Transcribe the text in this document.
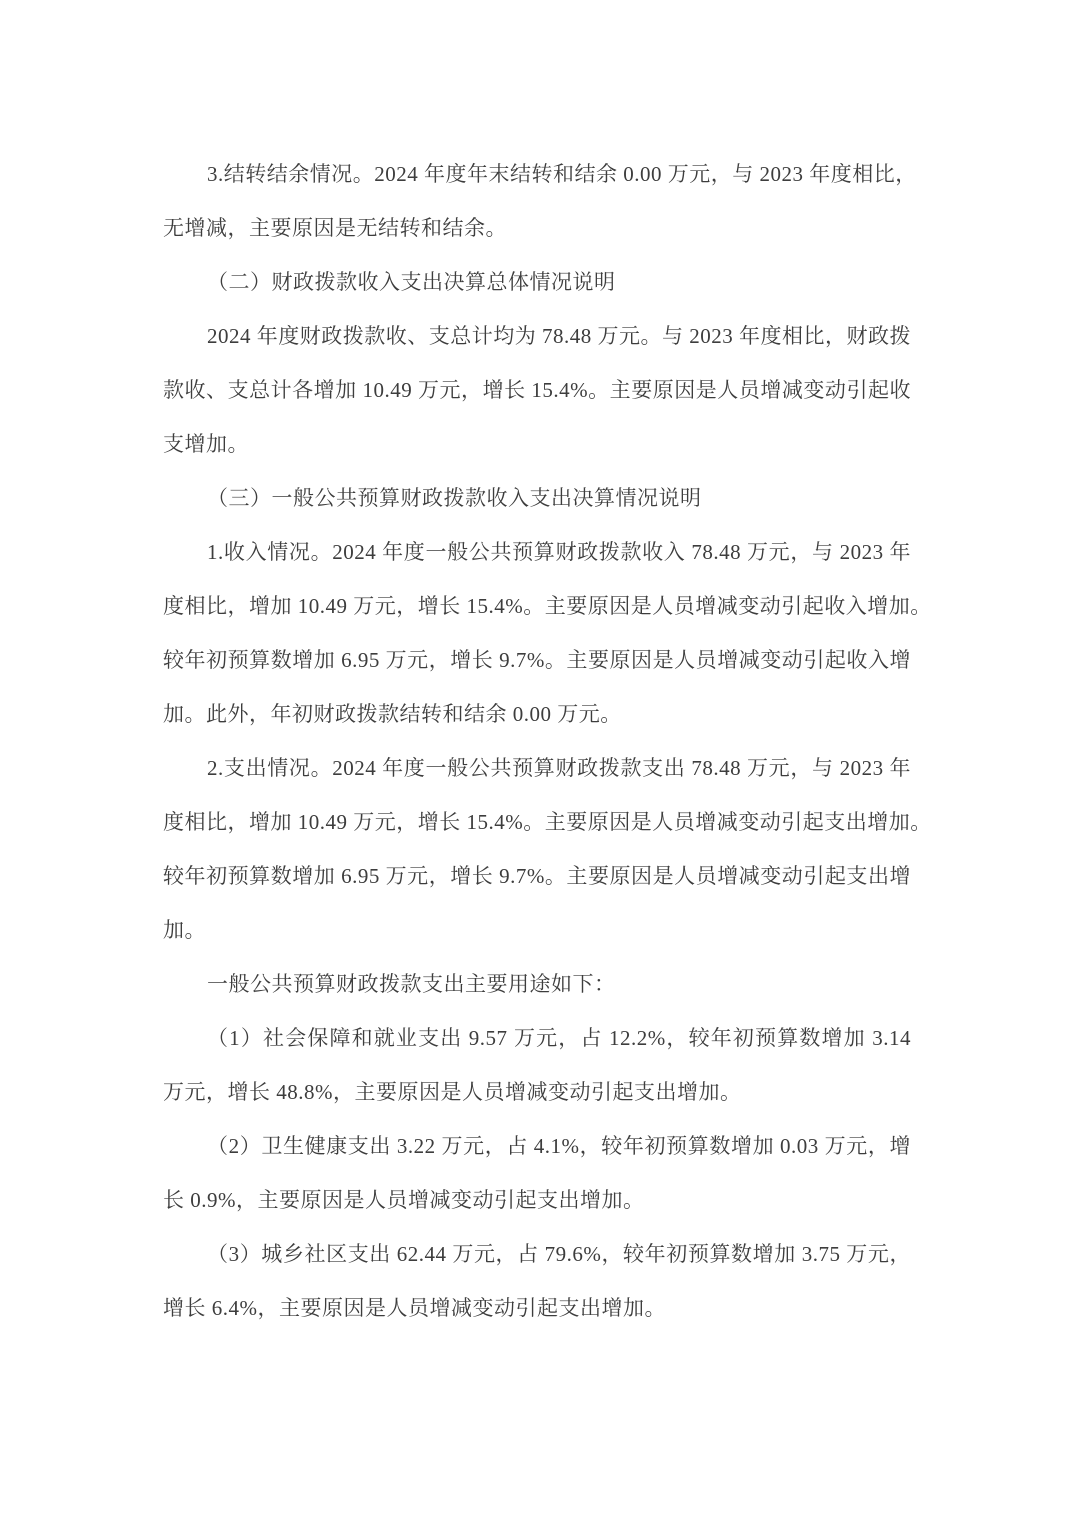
3.结转结余情况。2024 年度年末结转和结余 0.00 万元，与 2023 年度相比，
无增减，主要原因是无结转和结余。
（二）财政拨款收入支出决算总体情况说明
2024 年度财政拨款收、支总计均为 78.48 万元。与 2023 年度相比，财政拨
款收、支总计各增加 10.49 万元，增长 15.4%。主要原因是人员增减变动引起收
支增加。
（三）一般公共预算财政拨款收入支出决算情况说明
1.收入情况。2024 年度一般公共预算财政拨款收入 78.48 万元，与 2023 年
度相比，增加 10.49 万元，增长 15.4%。主要原因是人员增减变动引起收入增加。
较年初预算数增加 6.95 万元，增长 9.7%。主要原因是人员增减变动引起收入增
加。此外，年初财政拨款结转和结余 0.00 万元。
2.支出情况。2024 年度一般公共预算财政拨款支出 78.48 万元，与 2023 年
度相比，增加 10.49 万元，增长 15.4%。主要原因是人员增减变动引起支出增加。
较年初预算数增加 6.95 万元，增长 9.7%。主要原因是人员增减变动引起支出增
加。
一般公共预算财政拨款支出主要用途如下：
（1）社会保障和就业支出 9.57 万元，占 12.2%，较年初预算数增加 3.14
万元，增长 48.8%，主要原因是人员增减变动引起支出增加。
（2）卫生健康支出 3.22 万元，占 4.1%，较年初预算数增加 0.03 万元，增
长 0.9%，主要原因是人员增减变动引起支出增加。
（3）城乡社区支出 62.44 万元，占 79.6%，较年初预算数增加 3.75 万元，
增长 6.4%，主要原因是人员增减变动引起支出增加。
